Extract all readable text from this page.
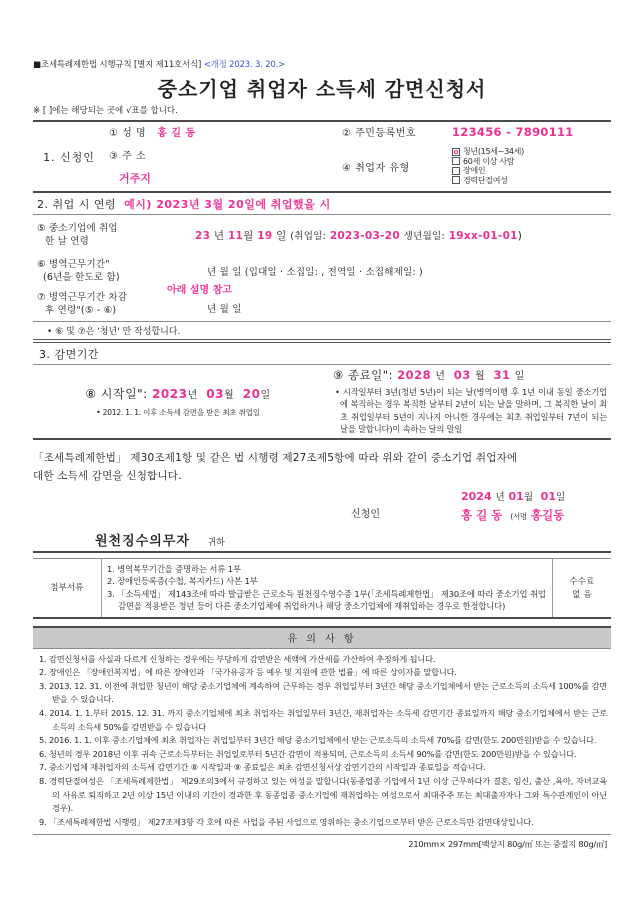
■조세특례제한법 시행규칙 [별지 제11호서식] <개정 2023. 3. 20.>
중소기업 취업자 소득세 감면신청서
※ [ ]에는 해당되는 곳에 √표를 합니다.
1. 신청인	① 성 명 홍 길 동	② 주민등록번호	123456 - 7890111

③ 주 소
거주지
	④ 취업자 유형	
청년(15세~34세)
60세 이상 사람
장애인
경력단절여성
2. 취업 시 연령 예시) 2023년 3월 20일에 취업했을 시
⑤ 중소기업에 취업
한 날 연령	23 년 11월 19 일 (취업일: 2023-03-20 생년월일: 19xx-01-01)

⑥ 병역근무기간"
(6년을 한도로 함)	년 월 일 (입대일 · 소집일: , 전역일 · 소집해제일: )
아래 설명 참고

⑦ 병역근무기간 차감
후 연령"(⑤ - ⑥)	년 월 일
• ⑥ 및 ⑦은 '청년' 만 작성합니다.
3. 감면기간
⑧ 시작일": 2023년 03월 20일
• 2012. 1. 1. 이후 소득세 감면을 받은 최초 취업일

⑨ 종료일": 2028 년 03 월 31 일
• 시작일부터 3년(청년 5년)이 되는 날(병역이행 후 1년 이내 동일 중소기업에 복직하는 경우 복직한 날부터 2년이 되는 날을 말하며, 그 복직한 날이 최초 취업일부터 5년이 지나지 아니한 경우에는 최초 취업일부터 7년이 되는 날을 말합니다)이 속하는 달의 말일
「조세특례제한법」 제30조제1항 및 같은 법 시행령 제27조제5항에 따라 위와 같이 중소기업 취업자에
대한 소득세 감면을 신청합니다.
신청인
2024 년 01월 01일
홍 길 동 (서명 홍길동
원천징수의무자 귀하
첨부서류	
1. 병역복무기간을 증명하는 서류 1부
2. 장애인등록증(수첩, 복지카드) 사본 1부
3. 「소득세법」 제143조에 따라 발급받은 근로소득 원천징수영수증 1부(「조세특례제한법」 제30조에 따라 중소기업 취업 감면을 적용받은 청년 등이 다른 중소기업체에 취업하거나 해당 중소기업체에 재취업하는 경우로 한정합니다)

수수료
없 음
유 의 사 항
1. 감면신청서를 사실과 다르게 신청하는 경우에는 부당하게 감면받은 세액에 가산세를 가산하여 추징하게 됩니다.
2. 장애인은 「장애인복지법」에 따른 장애인과 「국가유공자 등 예우 및 지원에 관한 법률」에 따른 상이자를 말합니다.
3. 2013. 12. 31. 이전에 취업한 청년이 해당 중소기업체에 계속하여 근무하는 경우 취업일부터 3년간 해당 중소기업체에서 받는 근로소득의 소득세 100%를 감면받을 수 있습니다.
4. 2014. 1. 1.부터 2015. 12. 31. 까지 중소기업체에 최초 취업자는 취업일부터 3년간, 재취업자는 소득세 감면기간 종료일까지 해당 중소기업체에서 받는 근로소득의 소득세 50%를 감면받을 수 있습니다
5. 2016. 1. 1. 이후 중소기업체에 최초 취업자는 취업일부터 3년간 해당 중소기업체에서 받는 근로소득의 소득세 70%를 감면(한도 200만원)받을 수 있습니다.
6. 청년의 경우 2018년 이후 귀속 근로소득부터는 취업일로부터 5년간 감면이 적용되며, 근로소득의 소득세 90%를 감면(한도 200만원)받을 수 있습니다.
7. 중소기업체 재취업자의 소득세 감면기간 ⑧ 시작일과 ⑨ 종료일은 최초 감면신청서상 감면기간의 시작일과 종료일을 적습니다.
8. 경력단절여성은 「조세특례제한법」 제29조의3에서 규정하고 있는 여성을 말합니다(동종업종 기업에서 1년 이상 근무하다가 결혼, 임신, 출산 ,육아, 자녀교육의 사유로 퇴직하고 2년 이상 15년 이내의 기간이 경과한 후 동종업종 중소기업에 재취업하는 여성으로서 최대주주 또는 최대출자자나 그와 특수관계인이 아닌 경우).
9. 「조세특례제한법 시행령」 제27조제3항 각 호에 따른 사업을 주된 사업으로 영위하는 중소기업으로부터 받은 근로소득만 감면대상입니다.
210mm× 297mm[백상지 80g/㎡ 또는 중질지 80g/㎡]
